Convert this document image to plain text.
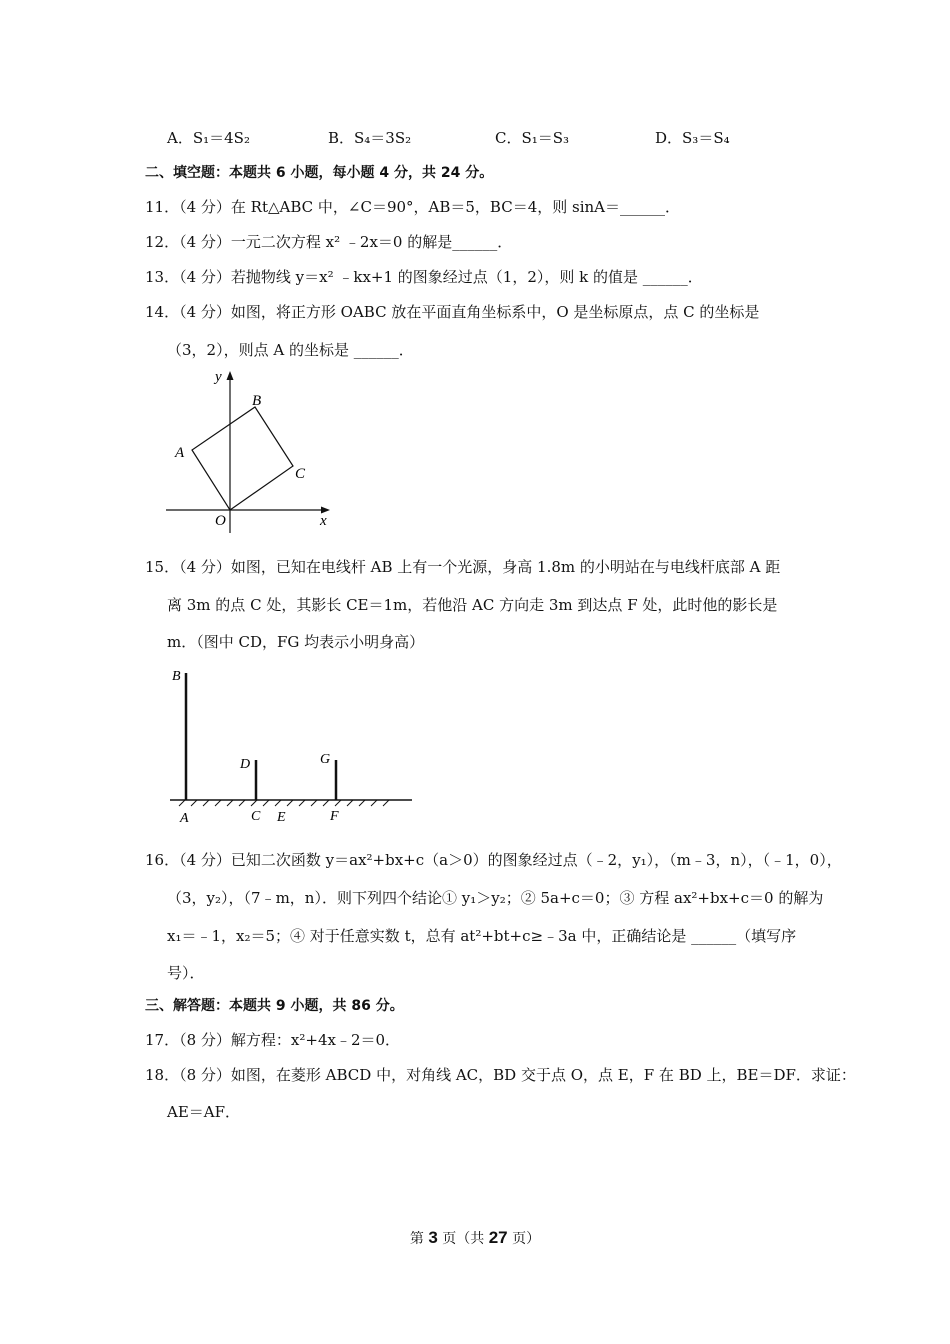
A．S₁＝4S₂	B．S₄＝3S₂	C．S₁＝S₃	D．S₃＝S₄
二、填空题：本题共 6 小题，每小题 4 分，共 24 分。
11．（4 分）在 Rt△ABC 中，∠C＝90°，AB＝5，BC＝4，则 sinA＝______．
12．（4 分）一元二次方程 x² ﹣2x＝0 的解是______．
13．（4 分）若抛物线 y＝x² ﹣kx+1 的图象经过点（1，2），则 k 的值是 ______．
14．（4 分）如图，将正方形 OABC 放在平面直角坐标系中，O 是坐标原点，点 C 的坐标是
（3，2），则点 A 的坐标是 ______．
y
x
O
A
B
C
15．（4 分）如图，已知在电线杆 AB 上有一个光源，身高 1.8m 的小明站在与电线杆底部 A 距
离 3m 的点 C 处，其影长 CE＝1m，若他沿 AC 方向走 3m 到达点 F 处，此时他的影长是
m．（图中 CD，FG 均表示小明身高）
B
D	G
A	C E	F
16．（4 分）已知二次函数 y＝ax²+bx+c（a＞0）的图象经过点（﹣2，y₁），（m﹣3，n），（﹣1，0），
（3，y₂），（7﹣m，n）．则下列四个结论① y₁＞y₂；② 5a+c＝0；③ 方程 ax²+bx+c＝0 的解为
x₁＝﹣1，x₂＝5；④ 对于任意实数 t，总有 at²+bt+c≥﹣3a 中，正确结论是 ______（填写序
号）．
三、解答题：本题共 9 小题，共 86 分。
17．（8 分）解方程：x²+4x﹣2＝0．
18．（8 分）如图，在菱形 ABCD 中，对角线 AC，BD 交于点 O，点 E，F 在 BD 上，BE＝DF．求证：
AE＝AF．
第 3 页（共 27 页）
